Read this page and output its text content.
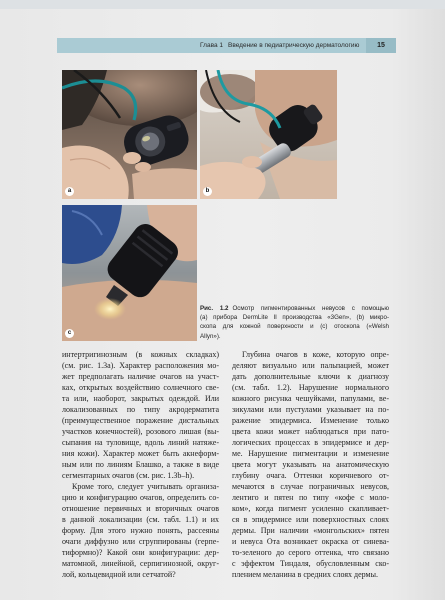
Глава 1 Введение в педиатрическую дерматологию	15
a	b
c
Рис. 1.2 Осмотр пигментированных невусов с помощью
(a) прибора DermLite II производства «3Gen», (b) микро-
скопа для кожной поверхности и (c) отоскопа («Welsh
Allyn»).
интертригинозным (в кожных складках)
(см. рис. 1.3a). Характер расположения мо-
жет предполагать наличие очагов на участ-
ках, открытых воздействию солнечного све-
та или, наоборот, закрытых одеждой. Или
локализованных по типу акродерматита
(преимущественное поражение дистальных
участков конечностей), розового лишая (вы-
сыпания на туловище, вдоль линий натяже-
ния кожи). Характер может быть акнеформ-
ным или по линиям Блашко, а также в виде
сегментарных очагов (см. рис. 1.3b–h).
Кроме того, следует учитывать организа-
цию и конфигурацию очагов, определить со-
отношение первичных и вторичных очагов
в данной локализации (см. табл. 1.1) и их
форму. Для этого нужно понять, рассеяны
очаги диффузно или сгруппированы (герпе-
тиформно)? Какой они конфигурации: дер-
матомной, линейной, серпигинозной, округ-
лой, кольцевидной или сетчатой?
Глубина очагов в коже, которую опре-
деляют визуально или пальпацией, может
дать дополнительные ключи к диагнозу
(см. табл. 1.2). Нарушение нормального
кожного рисунка чешуйками, папулами, ве-
зикулами или пустулами указывает на по-
ражение эпидермиса. Изменение только
цвета кожи может наблюдаться при пато-
логических процессах в эпидермисе и дер-
ме. Нарушение пигментации и изменение
цвета могут указывать на анатомическую
глубину очага. Оттенки коричневого от-
мечаются в случае пограничных невусов,
лентиго и пятен по типу «кофе с моло-
ком», когда пигмент усиленно скапливает-
ся в эпидермисе или поверхностных слоях
дермы. При наличии «монгольских» пятен
и невуса Ота возникает окраска от синева-
то-зеленого до серого оттенка, что связано
с эффектом Тиндаля, обусловленным ско-
плением меланина в средних слоях дермы.
